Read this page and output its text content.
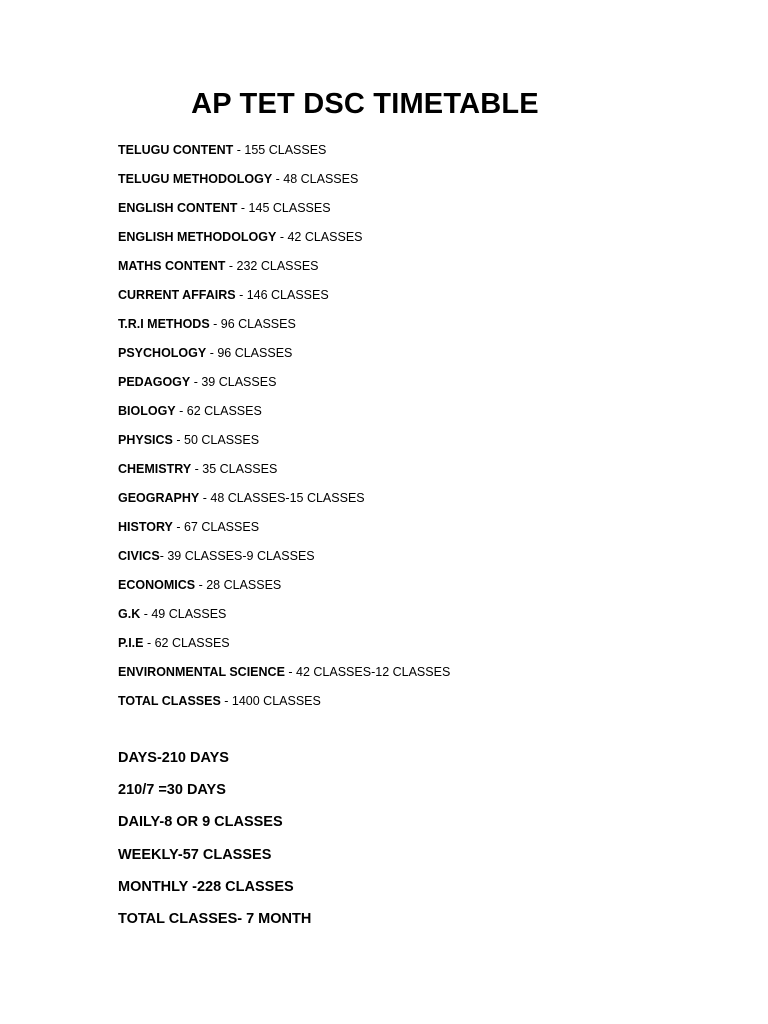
AP TET DSC TIMETABLE
TELUGU CONTENT - 155 CLASSES
TELUGU METHODOLOGY - 48 CLASSES
ENGLISH CONTENT - 145 CLASSES
ENGLISH METHODOLOGY - 42 CLASSES
MATHS CONTENT - 232 CLASSES
CURRENT AFFAIRS - 146 CLASSES
T.R.I METHODS - 96 CLASSES
PSYCHOLOGY - 96 CLASSES
PEDAGOGY - 39 CLASSES
BIOLOGY - 62 CLASSES
PHYSICS - 50 CLASSES
CHEMISTRY - 35 CLASSES
GEOGRAPHY - 48 CLASSES-15 CLASSES
HISTORY - 67 CLASSES
CIVICS- 39 CLASSES-9 CLASSES
ECONOMICS - 28 CLASSES
G.K - 49 CLASSES
P.I.E - 62 CLASSES
ENVIRONMENTAL SCIENCE - 42 CLASSES-12 CLASSES
TOTAL CLASSES - 1400 CLASSES
DAYS-210 DAYS
210/7 =30 DAYS
DAILY-8 OR 9 CLASSES
WEEKLY-57 CLASSES
MONTHLY -228 CLASSES
TOTAL CLASSES- 7 MONTH
